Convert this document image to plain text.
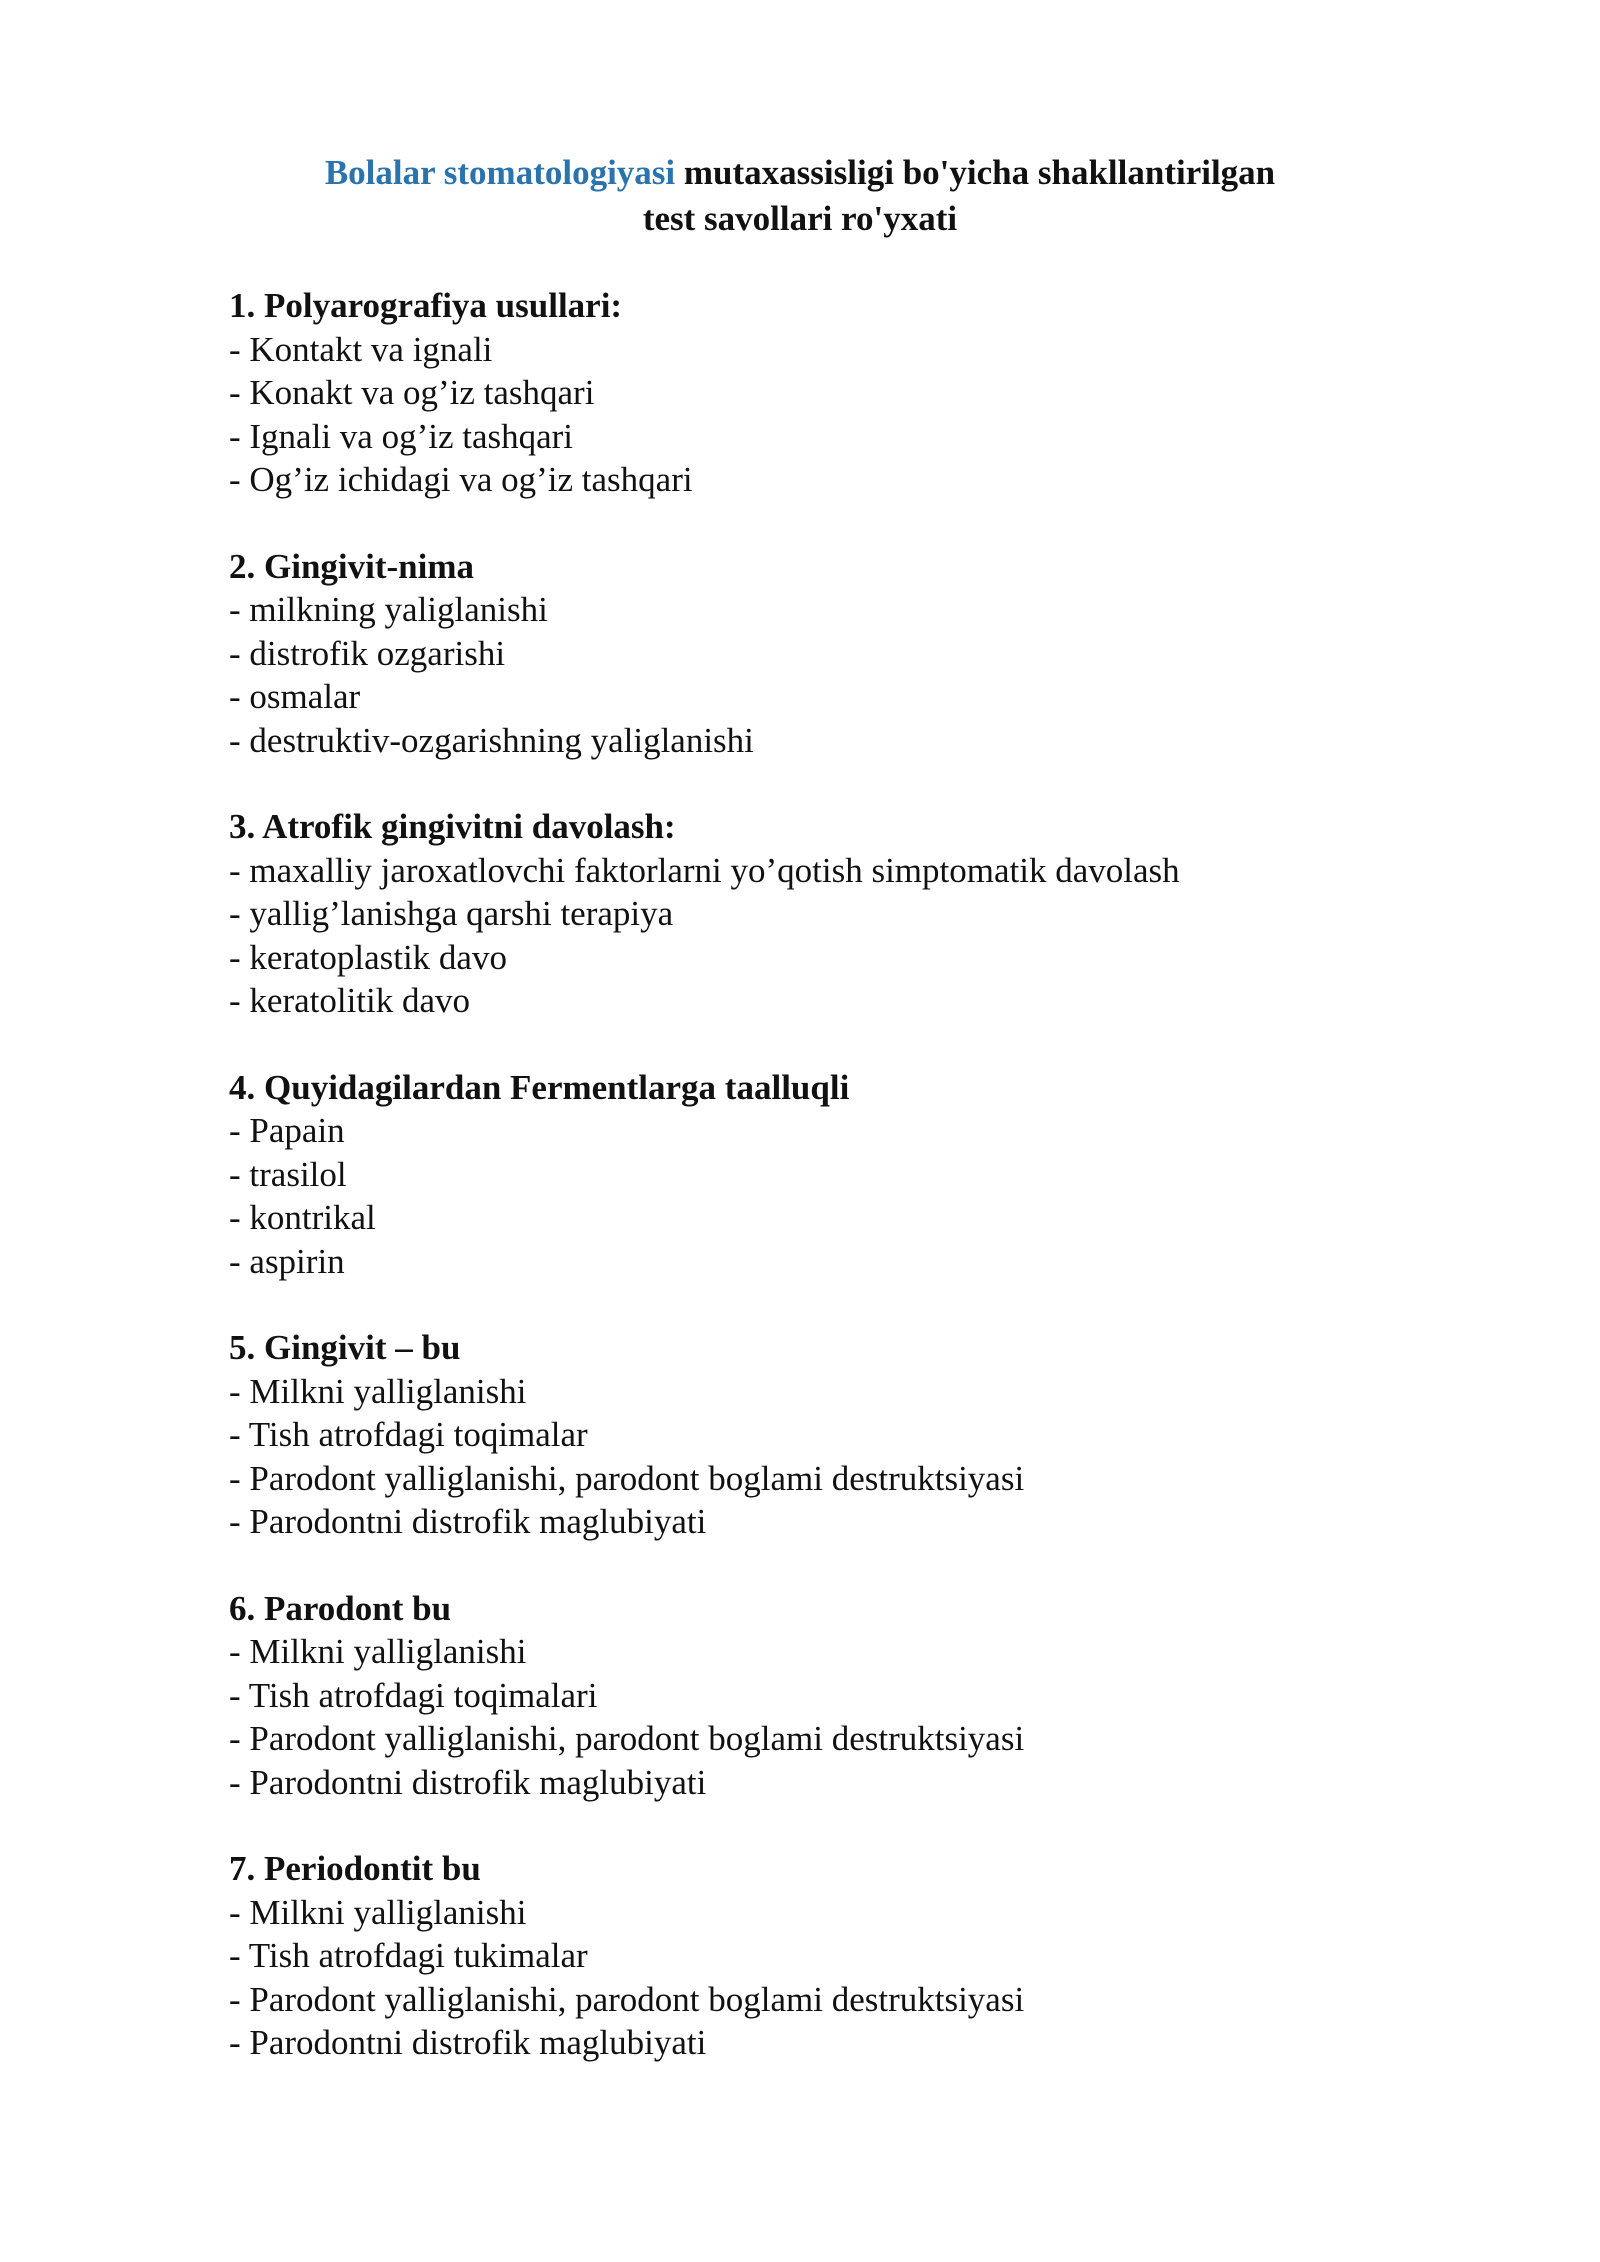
Bolalar stomatologiyasi mutaxassisligi bo'yicha shakllantirilgan

test savollari ro'yxati

1. Polyarografiya usullari:

- Kontakt va ignali
- Konakt va og’iz tashqari
- Ignali va og’iz tashqari
- Og’iz ichidagi va og’iz tashqari

2. Gingivit-nima

- milkning yaliglanishi
- distrofik ozgarishi
- osmalar
- destruktiv-ozgarishning yaliglanishi

3. Atrofik gingivitni davolash:

- maxalliy jaroxatlovchi faktorlarni yo’qotish simptomatik davolash
- yallig’lanishga qarshi terapiya
- keratoplastik davo
- keratolitik davo

4. Quyidagilardan Fermentlarga taalluqli

- Papain
- trasilol
- kontrikal
- aspirin

5. Gingivit – bu

- Milkni yalliglanishi
- Tish atrofdagi toqimalar
- Parodont yalliglanishi, parodont boglami destruktsiyasi
- Parodontni distrofik maglubiyati

6. Parodont bu

- Milkni yalliglanishi
- Tish atrofdagi toqimalari
- Parodont yalliglanishi, parodont boglami destruktsiyasi
- Parodontni distrofik maglubiyati

7. Periodontit bu

- Milkni yalliglanishi
- Tish atrofdagi tukimalar
- Parodont yalliglanishi, parodont boglami destruktsiyasi
- Parodontni distrofik maglubiyati
